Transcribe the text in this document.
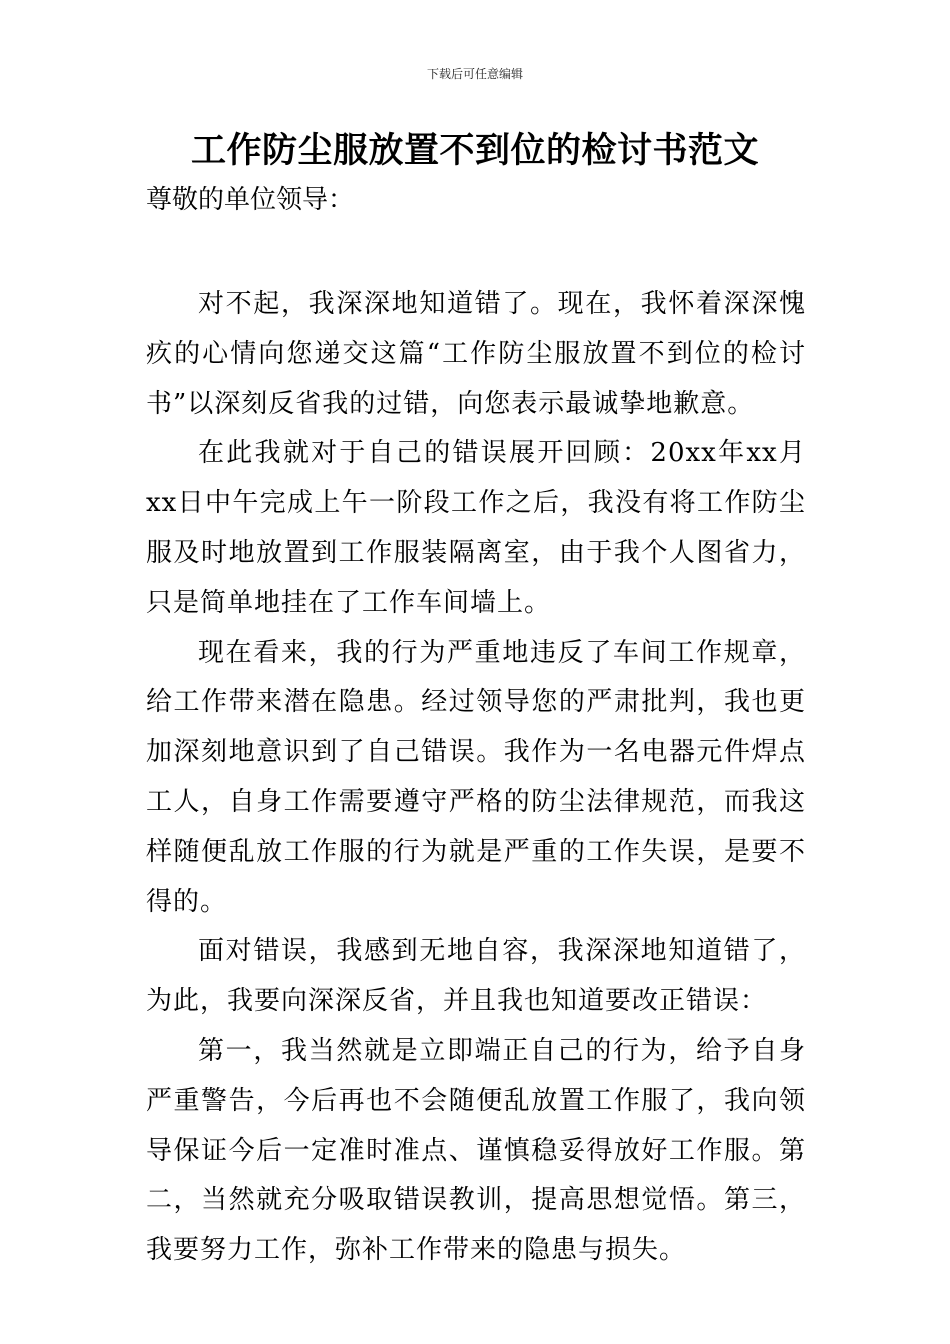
下载后可任意编辑
工作防尘服放置不到位的检讨书范文

尊敬的单位领导：

对不起，我深深地知道错了。现在，我怀着深深愧疚的心情向您递交这篇“工作防尘服放置不到位的检讨书”以深刻反省我的过错，向您表示最诚挚地歉意。

在此我就对于自己的错误展开回顾：20xx年xx月xx日中午完成上午一阶段工作之后，我没有将工作防尘服及时地放置到工作服装隔离室，由于我个人图省力，只是简单地挂在了工作车间墙上。

现在看来，我的行为严重地违反了车间工作规章，给工作带来潜在隐患。经过领导您的严肃批判，我也更加深刻地意识到了自己错误。我作为一名电器元件焊点工人，自身工作需要遵守严格的防尘法律规范，而我这样随便乱放工作服的行为就是严重的工作失误，是要不得的。

面对错误，我感到无地自容，我深深地知道错了，为此，我要向深深反省，并且我也知道要改正错误：

第一，我当然就是立即端正自己的行为，给予自身严重警告，今后再也不会随便乱放置工作服了，我向领导保证今后一定准时准点、谨慎稳妥得放好工作服。第二，当然就充分吸取错误教训，提高思想觉悟。第三，我要努力工作，弥补工作带来的隐患与损失。
